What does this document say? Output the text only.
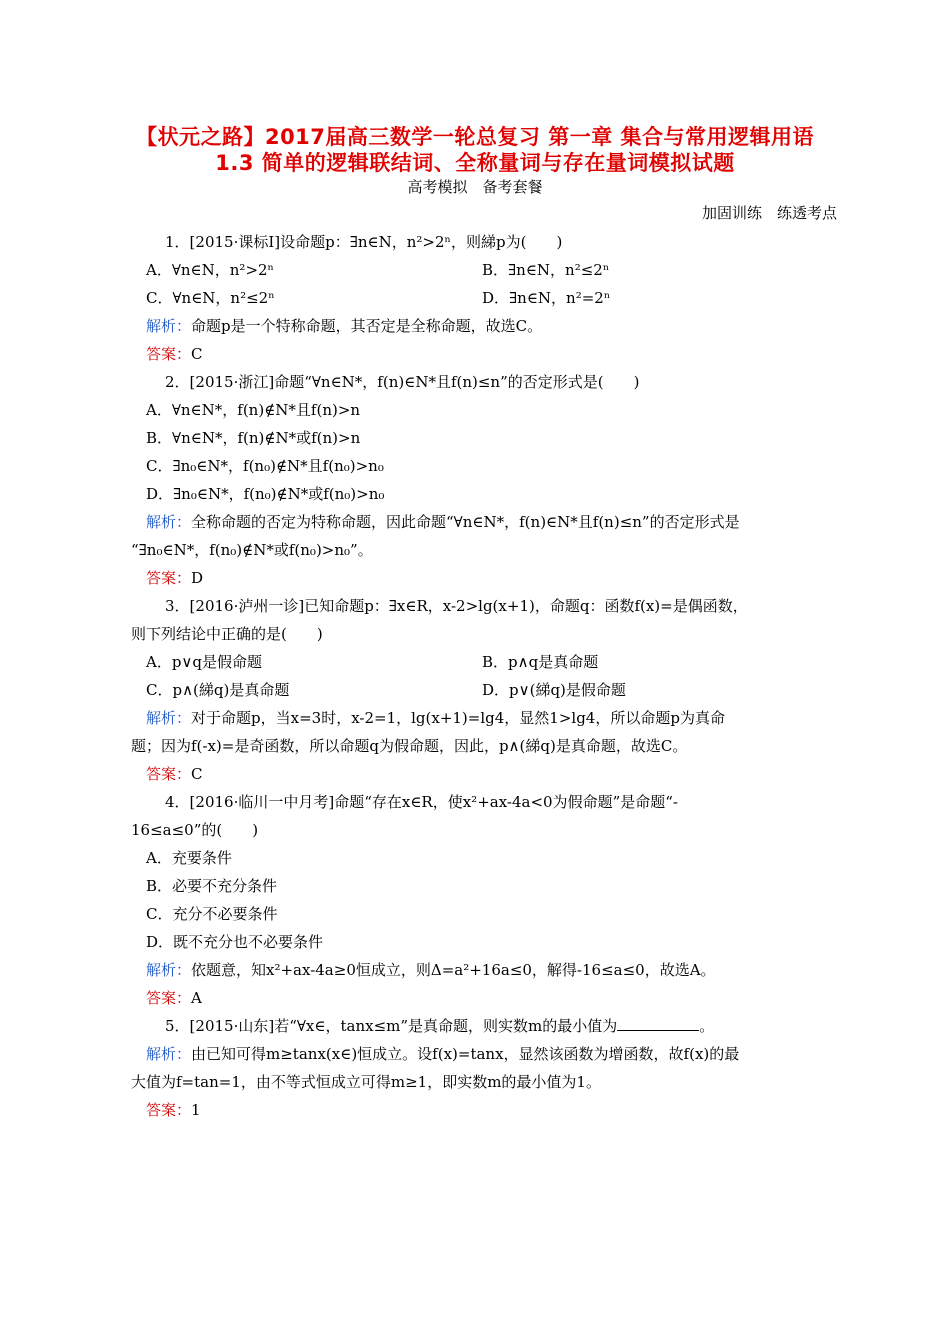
【状元之路】2017届高三数学一轮总复习 第一章 集合与常用逻辑用语
1.3 简单的逻辑联结词、全称量词与存在量词模拟试题
高考模拟　备考套餐
加固训练　练透考点
1．[2015·课标Ⅰ]设命题p：∃n∈N，n²>2ⁿ，则綈p为(　　)
A．∀n∈N，n²>2ⁿ	B．∃n∈N，n²≤2ⁿ
C．∀n∈N，n²≤2ⁿ	D．∃n∈N，n²=2ⁿ
解析：命题p是一个特称命题，其否定是全称命题，故选C。
答案：C
2．[2015·浙江]命题“∀n∈N*，f(n)∈N*且f(n)≤n”的否定形式是(　　)
A．∀n∈N*，f(n)∉N*且f(n)>n
B．∀n∈N*，f(n)∉N*或f(n)>n
C．∃n₀∈N*，f(n₀)∉N*且f(n₀)>n₀
D．∃n₀∈N*，f(n₀)∉N*或f(n₀)>n₀
解析：全称命题的否定为特称命题，因此命题“∀n∈N*，f(n)∈N*且f(n)≤n”的否定形式是
“∃n₀∈N*，f(n₀)∉N*或f(n₀)>n₀”。
答案：D
3．[2016·泸州一诊]已知命题p：∃x∈R，x-2>lg(x+1)，命题q：函数f(x)=是偶函数，
则下列结论中正确的是(　　)
A．p∨q是假命题	B．p∧q是真命题
C．p∧(綈q)是真命题	D．p∨(綈q)是假命题
解析：对于命题p，当x=3时，x-2=1，lg(x+1)=lg4，显然1>lg4，所以命题p为真命
题；因为f(-x)=是奇函数，所以命题q为假命题，因此，p∧(綈q)是真命题，故选C。
答案：C
4．[2016·临川一中月考]命题“存在x∈R，使x²+ax-4a<0为假命题”是命题“-
16≤a≤0”的(　　)
A．充要条件
B．必要不充分条件
C．充分不必要条件
D．既不充分也不必要条件
解析：依题意，知x²+ax-4a≥0恒成立，则Δ=a²+16a≤0，解得-16≤a≤0，故选A。
答案：A
5．[2015·山东]若“∀x∈，tanx≤m”是真命题，则实数m的最小值为	。
解析：由已知可得m≥tanx(x∈)恒成立。设f(x)=tanx，显然该函数为增函数，故f(x)的最
大值为f=tan=1，由不等式恒成立可得m≥1，即实数m的最小值为1。
答案：1
